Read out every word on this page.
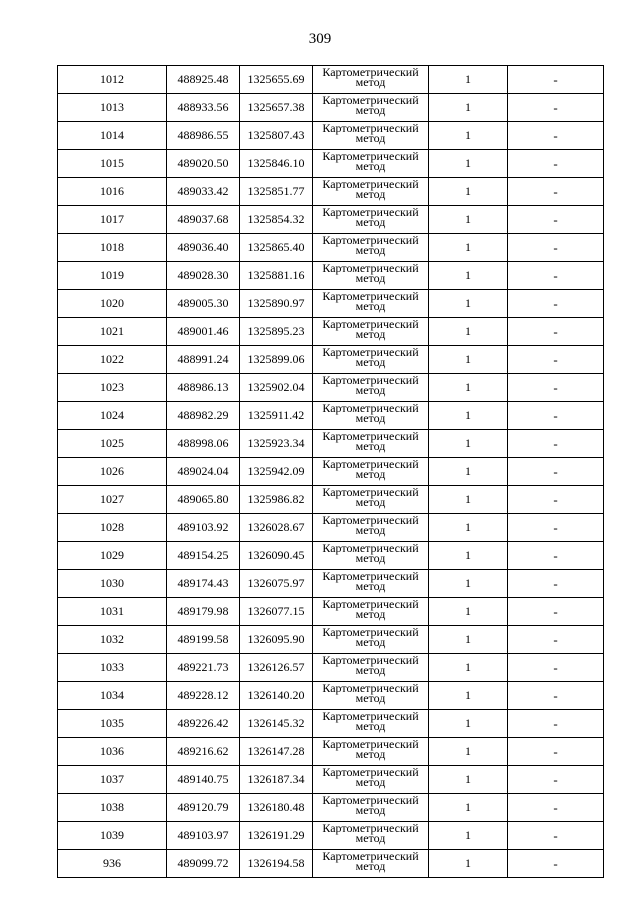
309
1012	488925.48	1325655.69	Картометрический метод	1	-
1013	488933.56	1325657.38	Картометрический метод	1	-
1014	488986.55	1325807.43	Картометрический метод	1	-
1015	489020.50	1325846.10	Картометрический метод	1	-
1016	489033.42	1325851.77	Картометрический метод	1	-
1017	489037.68	1325854.32	Картометрический метод	1	-
1018	489036.40	1325865.40	Картометрический метод	1	-
1019	489028.30	1325881.16	Картометрический метод	1	-
1020	489005.30	1325890.97	Картометрический метод	1	-
1021	489001.46	1325895.23	Картометрический метод	1	-
1022	488991.24	1325899.06	Картометрический метод	1	-
1023	488986.13	1325902.04	Картометрический метод	1	-
1024	488982.29	1325911.42	Картометрический метод	1	-
1025	488998.06	1325923.34	Картометрический метод	1	-
1026	489024.04	1325942.09	Картометрический метод	1	-
1027	489065.80	1325986.82	Картометрический метод	1	-
1028	489103.92	1326028.67	Картометрический метод	1	-
1029	489154.25	1326090.45	Картометрический метод	1	-
1030	489174.43	1326075.97	Картометрический метод	1	-
1031	489179.98	1326077.15	Картометрический метод	1	-
1032	489199.58	1326095.90	Картометрический метод	1	-
1033	489221.73	1326126.57	Картометрический метод	1	-
1034	489228.12	1326140.20	Картометрический метод	1	-
1035	489226.42	1326145.32	Картометрический метод	1	-
1036	489216.62	1326147.28	Картометрический метод	1	-
1037	489140.75	1326187.34	Картометрический метод	1	-
1038	489120.79	1326180.48	Картометрический метод	1	-
1039	489103.97	1326191.29	Картометрический метод	1	-
936	489099.72	1326194.58	Картометрический метод	1	-
